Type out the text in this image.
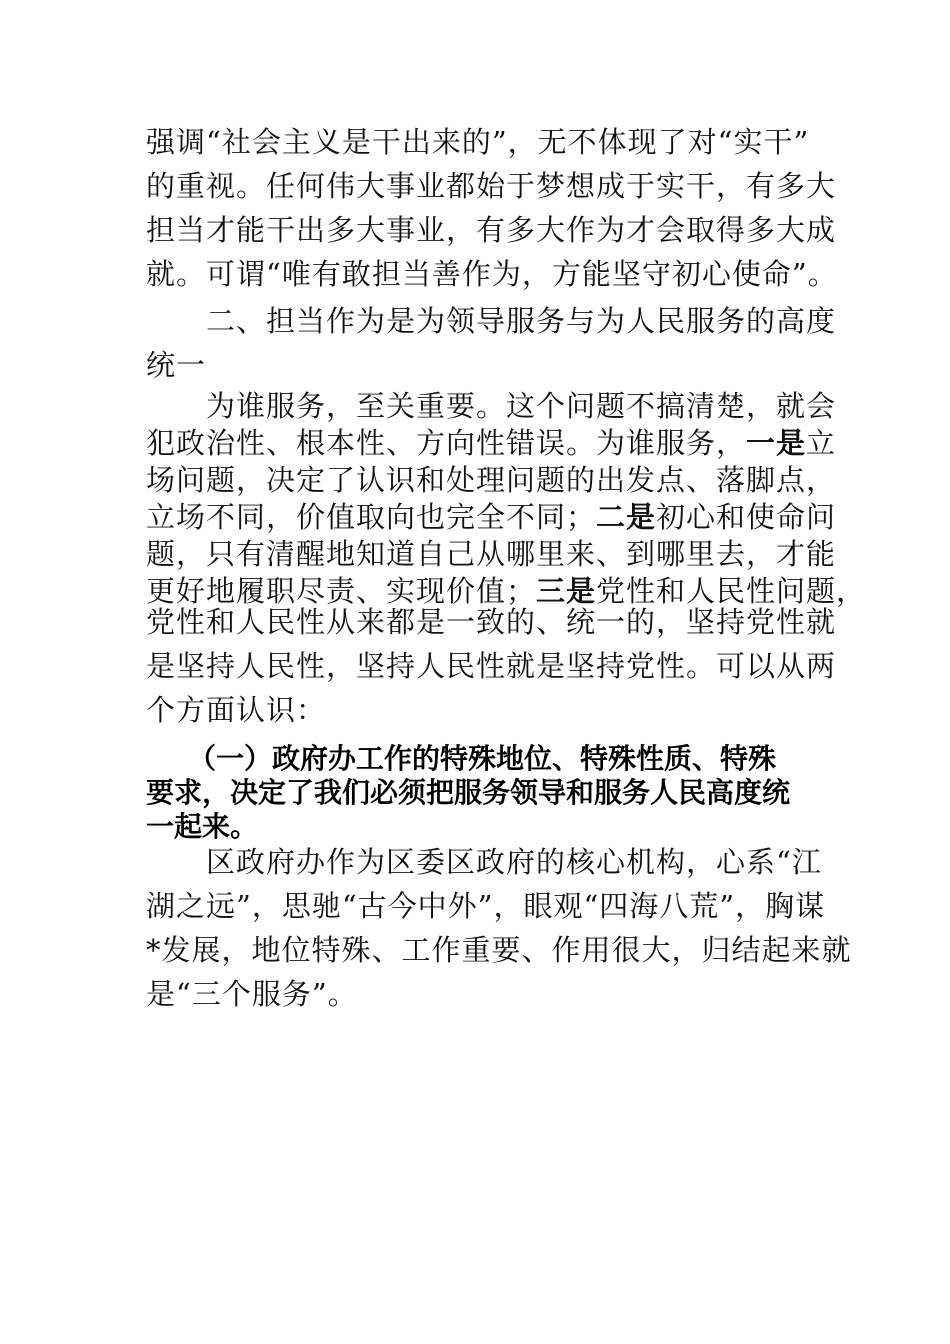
强调“社会主义是干出来的”，无不体现了对“实干”
的重视。任何伟大事业都始于梦想成于实干，有多大
担当才能干出多大事业，有多大作为才会取得多大成
就。可谓“唯有敢担当善作为，方能坚守初心使命”。
　　二、担当作为是为领导服务与为人民服务的高度
统一
　　为谁服务，至关重要。这个问题不搞清楚，就会
犯政治性、根本性、方向性错误。为谁服务，一是立
场问题，决定了认识和处理问题的出发点、落脚点，
立场不同，价值取向也完全不同；二是初心和使命问
题，只有清醒地知道自己从哪里来、到哪里去，才能
更好地履职尽责、实现价值；三是党性和人民性问题，
党性和人民性从来都是一致的、统一的，坚持党性就
是坚持人民性，坚持人民性就是坚持党性。可以从两
个方面认识：
　　（一）政府办工作的特殊地位、特殊性质、特殊
要求，决定了我们必须把服务领导和服务人民高度统
一起来。
　　区政府办作为区委区政府的核心机构，心系“江
湖之远”，思驰“古今中外”，眼观“四海八荒”，胸谋
*发展，地位特殊、工作重要、作用很大，归结起来就
是“三个服务”。
